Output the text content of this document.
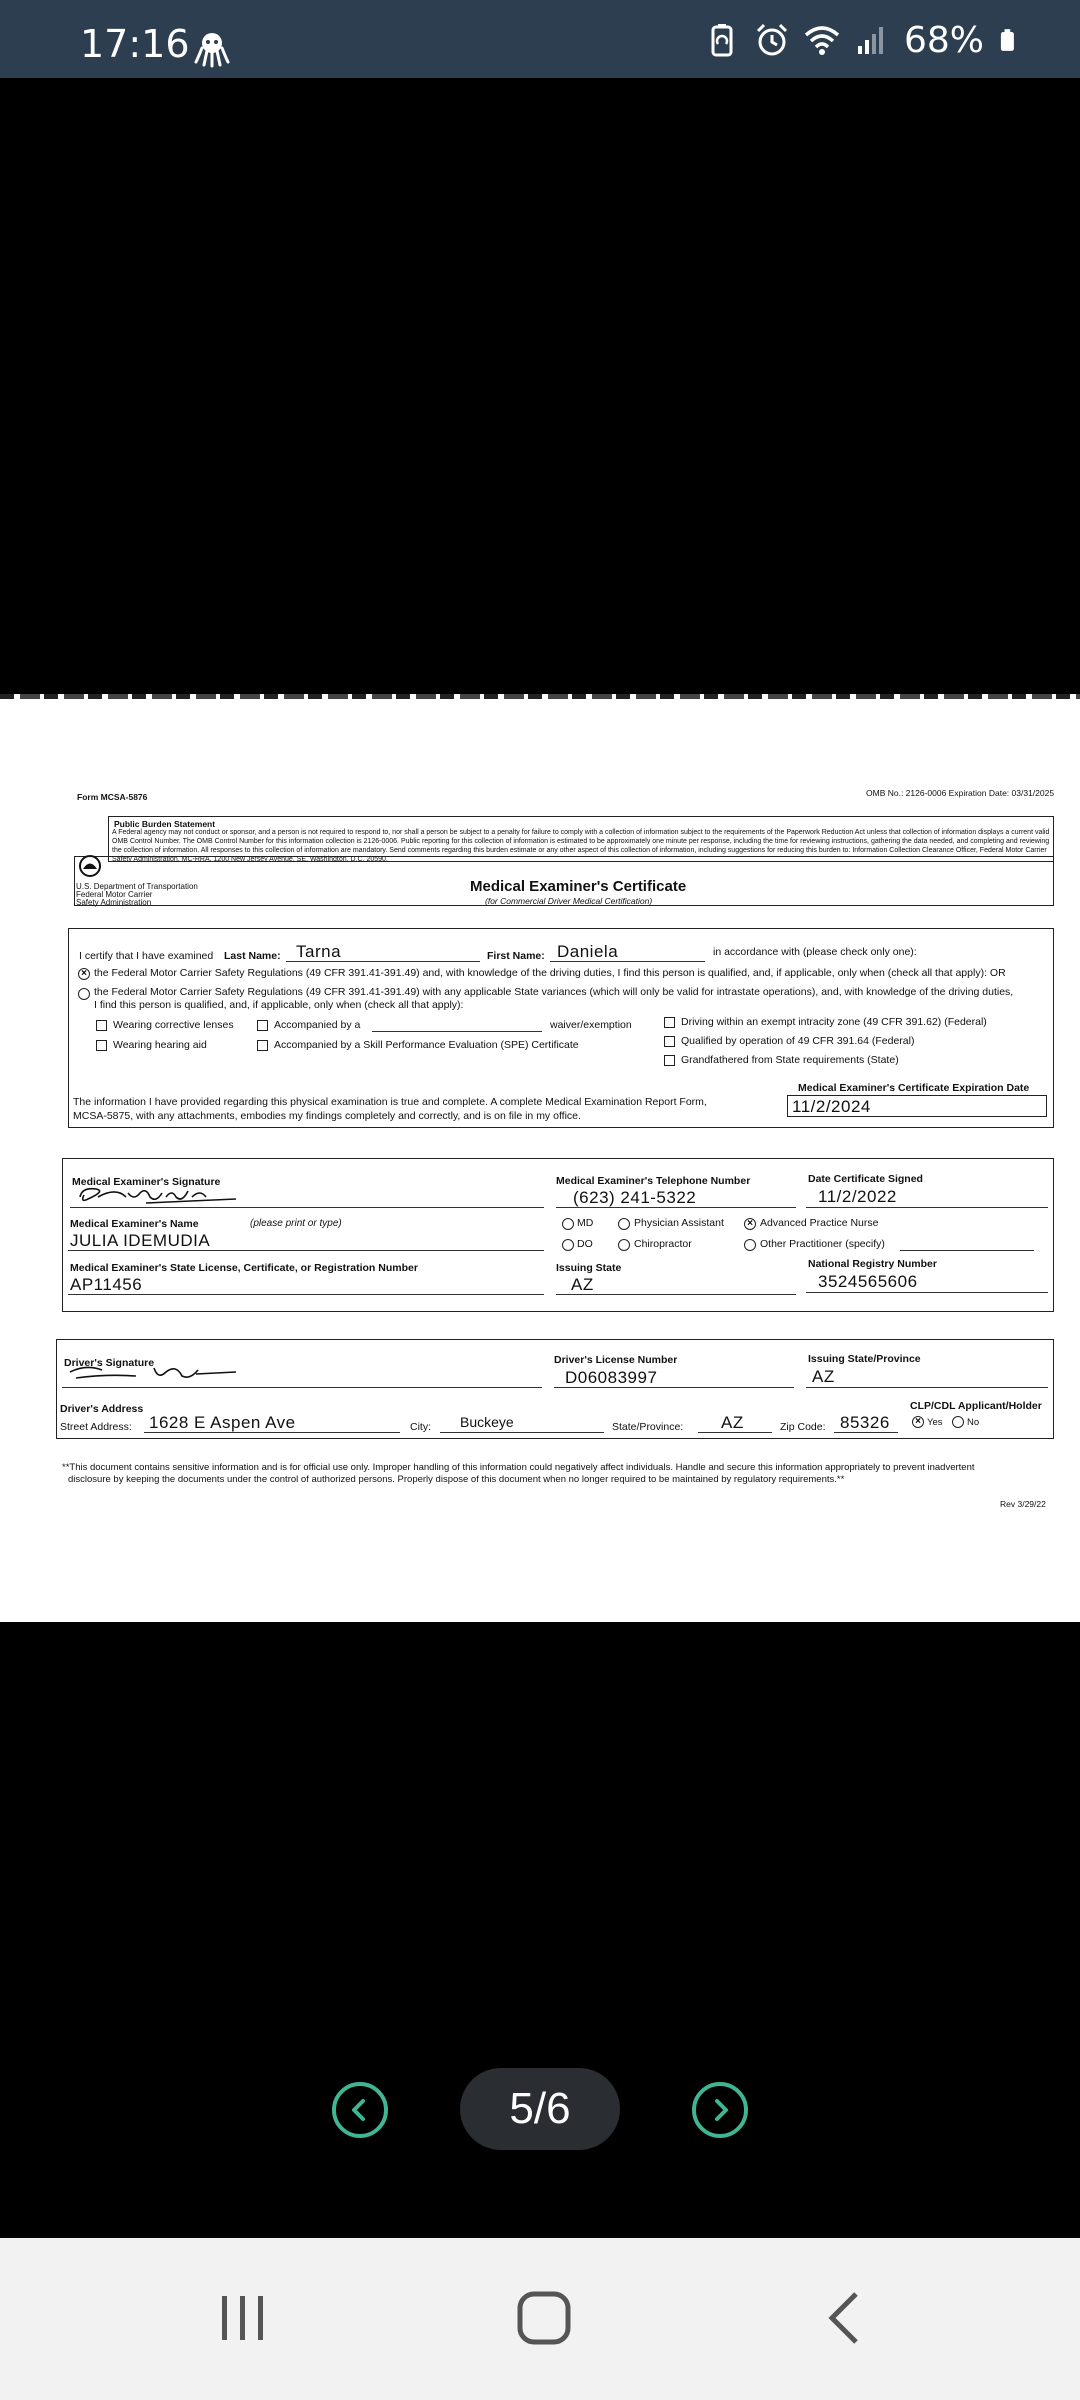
17:16	68%
Form MCSA-5876	OMB No.: 2126-0006 Expiration Date: 03/31/2025
Public Burden Statement
A Federal agency may not conduct or sponsor, and a person is not required to respond to, nor shall a person be subject to a penalty for failure to comply with a collection of information subject to the requirements of the Paperwork Reduction Act unless that collection of information displays a current valid OMB Control Number. The OMB Control Number for this information collection is 2126-0006. Public reporting for this collection of information is estimated to be approximately one minute per response, including the time for reviewing instructions, gathering the data needed, and completing and reviewing the collection of information. All responses to this collection of information are mandatory. Send comments regarding this burden estimate or any other aspect of this collection of information, including suggestions for reducing this burden to: Information Collection Clearance Officer, Federal Motor Carrier Safety Administration, MC-RRA, 1200 New Jersey Avenue, SE, Washington, D.C. 20590.
U.S. Department of Transportation
Federal Motor Carrier
Safety Administration
Medical Examiner's Certificate
(for Commercial Driver Medical Certification)
I certify that I have examined Last Name: Tarna	First Name: Daniela	in accordance with (please check only one):
× the Federal Motor Carrier Safety Regulations (49 CFR 391.41-391.49) and, with knowledge of the driving duties, I find this person is qualified, and, if applicable, only when (check all that apply): OR
the Federal Motor Carrier Safety Regulations (49 CFR 391.41-391.49) with any applicable State variances (which will only be valid for intrastate operations), and, with knowledge of the driving duties,
I find this person is qualified, and, if applicable, only when (check all that apply):
Wearing corrective lenses
Wearing hearing aid
Accompanied by a	waiver/exemption
Accompanied by a Skill Performance Evaluation (SPE) Certificate
Driving within an exempt intracity zone (49 CFR 391.62) (Federal)
Qualified by operation of 49 CFR 391.64 (Federal)
Grandfathered from State requirements (State)
The information I have provided regarding this physical examination is true and complete. A complete Medical Examination Report Form,
MCSA-5875, with any attachments, embodies my findings completely and correctly, and is on file in my office.
Medical Examiner's Certificate Expiration Date
11/2/2024
Medical Examiner's Signature	Medical Examiner's Telephone Number
(623) 241-5322
Date Certificate Signed
11/2/2022
Medical Examiner's Name	(please print or type)
JULIA IDEMUDIA
MD
DO
Physician Assistant
Chiropractor
× Advanced Practice Nurse
Other Practitioner (specify)
Medical Examiner's State License, Certificate, or Registration Number
AP11456
Issuing State
AZ
National Registry Number
3524565606
Driver's Signature	Driver's License Number
D06083997
Issuing State/Province
AZ
Driver's Address
Street Address: 1628 E Aspen Ave	City: Buckeye	State/Province: AZ	Zip Code: 85326
CLP/CDL Applicant/Holder
× Yes	No
**This document contains sensitive information and is for official use only. Improper handling of this information could negatively affect individuals. Handle and secure this information appropriately to prevent inadvertent
disclosure by keeping the documents under the control of authorized persons. Properly dispose of this document when no longer required to be maintained by regulatory requirements.**
Rev 3/29/22
5/6
